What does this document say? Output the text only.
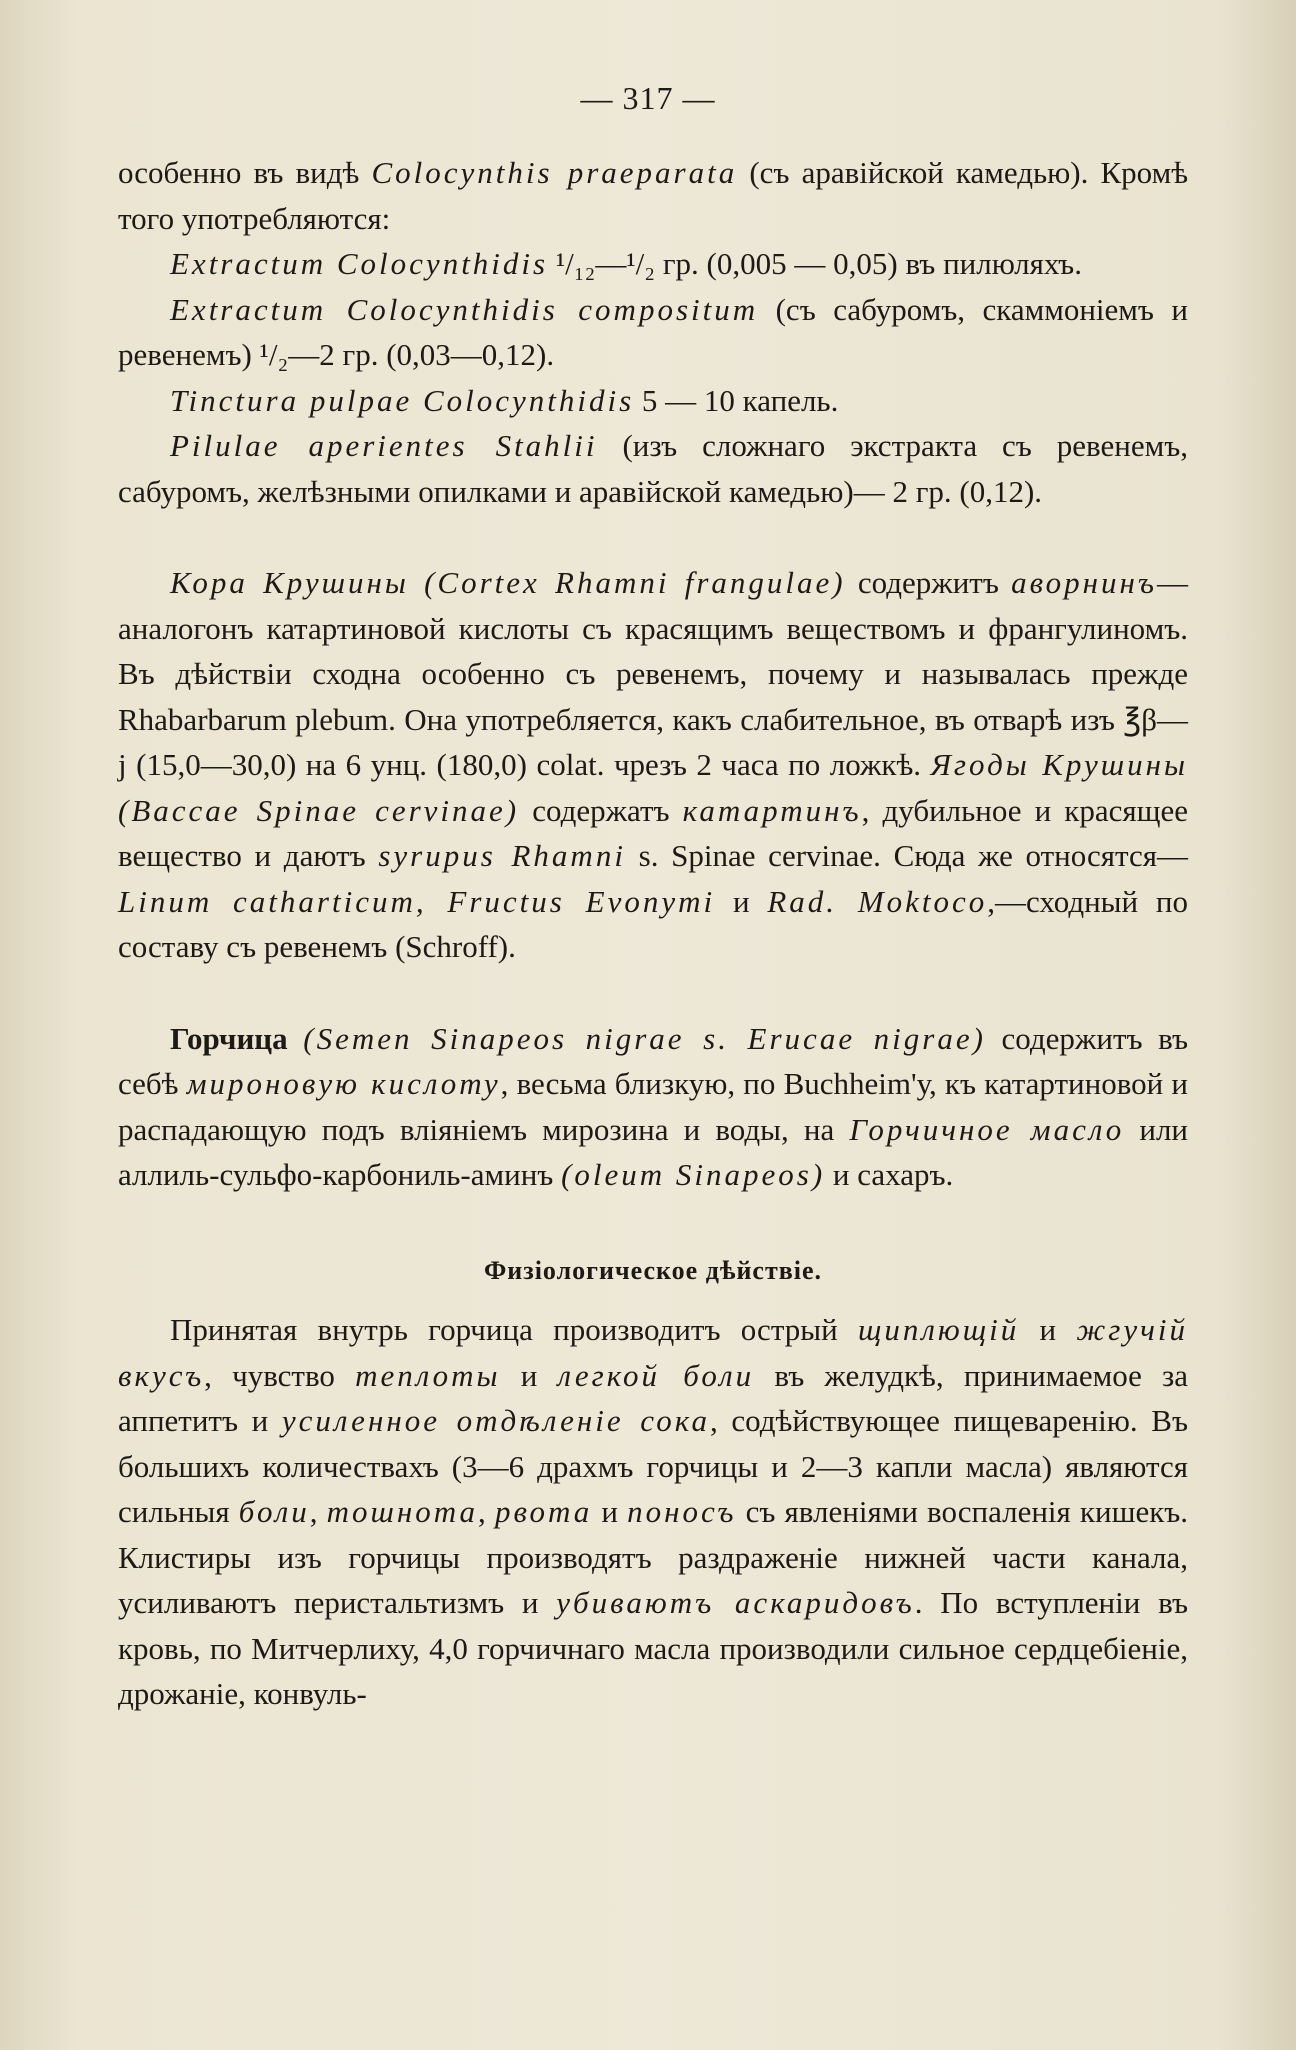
— 317 —

особенно въ видѣ Colocynthis praeparata (съ аравійской камедью). Кромѣ того употребляются:

Extractum Colocynthidis ¹/₁₂—¹/₂ гр. (0,005 — 0,05) въ пилюляхъ.

Extractum Colocynthidis compositum (съ сабуромъ, скаммоніемъ и ревенемъ) ¹/₂—2 гр. (0,03—0,12).

Tinctura pulpae Colocynthidis 5 — 10 капель.

Pilulae aperientes Stahlii (изъ сложнаго экстракта съ ревенемъ, сабуромъ, желѣзными опилками и аравійской камедью)— 2 гр. (0,12).

Кора Крушины (Cortex Rhamni frangulae) содержитъ аворнинъ—аналогонъ катартиновой кислоты съ красящимъ веществомъ и франгулиномъ. Въ дѣйствіи сходна особенно съ ревенемъ, почему и называлась прежде Rhabarbarum plebum. Она употребляется, какъ слабительное, въ отварѣ изъ ℥β—j (15,0—30,0) на 6 унц. (180,0) colat. чрезъ 2 часа по ложкѣ. Ягоды Крушины (Baccae Spinae cervinae) содержатъ катартинъ, дубильное и красящее вещество и даютъ syrupus Rhamni s. Spinae cervinae. Сюда же относятся—Linum catharticum, Fructus Evonymi и Rad. Moktoco,—сходный по составу съ ревенемъ (Schroff).

Горчица (Semen Sinapeos nigrae s. Erucae nigrae) содержитъ въ себѣ мироновую кислоту, весьма близкую, по Buchheim'у, къ катартиновой и распадающую подъ вліяніемъ мирозина и воды, на Горчичное масло или аллиль-сульфо-карбониль-аминъ (oleum Sinapeos) и сахаръ.

Физіологическое дѣйствіе.

Принятая внутрь горчица производитъ острый щиплющій и жгучій вкусъ, чувство теплоты и легкой боли въ желудкѣ, принимаемое за аппетитъ и усиленное отдѣленіе сока, содѣйствующее пищеваренію. Въ большихъ количествахъ (3—6 драхмъ горчицы и 2—3 капли масла) являются сильныя боли, тошнота, рвота и поносъ съ явленіями воспаленія кишекъ. Клистиры изъ горчицы производятъ раздраженіе нижней части канала, усиливаютъ перистальтизмъ и убиваютъ аскаридовъ. По вступленіи въ кровь, по Митчерлиху, 4,0 горчичнаго масла производили сильное сердцебіеніе, дрожаніе, конвуль-
